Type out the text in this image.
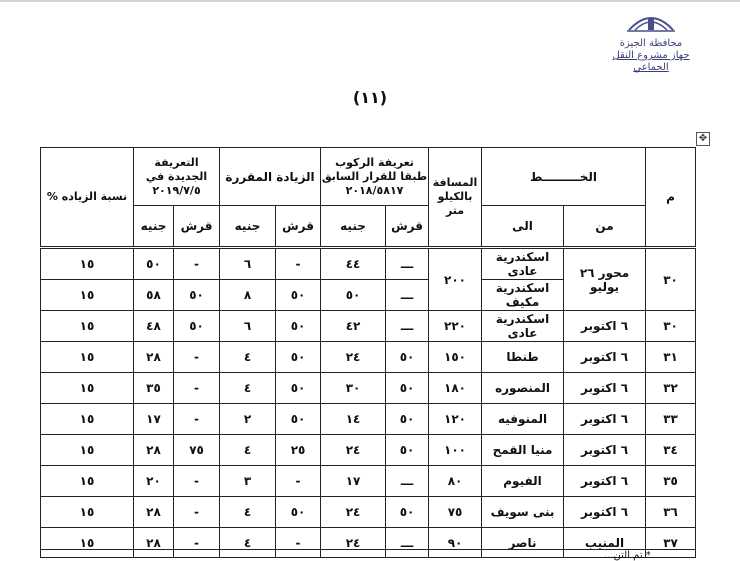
محافظة الجيزة
جهاز مشروع النقل الجماعي
(١١)
✥
م	الخـــــــــط		المسافة بالكيلو متر	تعريفة الركوب طبقا للقرار السابق ٢٠١٨/٥٨١٧		الزيادة المقررة		التعريفة الجديدة في ٢٠١٩/٧/٥		نسبة الزياده %
	من	الى		قرش	جنيه	قرش	جنيه	قرش	جنيه	
٣٠	محور ٢٦ يوليو	اسكندرية عادى	٢٠٠	ـــ	٤٤	-	٦	-	٥٠	١٥
		اسكندرية مكيف		ـــ	٥٠	٥٠	٨	٥٠	٥٨	١٥
٣٠	٦ اكتوبر	اسكندرية عادى	٢٢٠	ـــ	٤٢	٥٠	٦	٥٠	٤٨	١٥
٣١	٦ اكتوبر	طنطا	١٥٠	٥٠	٢٤	٥٠	٤	-	٢٨	١٥
٣٢	٦ اكتوبر	المنصوره	١٨٠	٥٠	٣٠	٥٠	٤	-	٣٥	١٥
٣٣	٦ اكتوبر	المنوفيه	١٢٠	٥٠	١٤	٥٠	٢	-	١٧	١٥
٣٤	٦ اكتوبر	منيا القمح	١٠٠	٥٠	٢٤	٢٥	٤	٧٥	٢٨	١٥
٣٥	٦ اكتوبر	الفيوم	٨٠	ـــ	١٧	-	٣	-	٢٠	١٥
٣٦	٦ اكتوبر	بنى سويف	٧٥	٥٠	٢٤	٥٠	٤	-	٢٨	١٥
٣٧	المنيب	ناصر	٩٠	ـــ	٢٤	-	٤	-	٢٨	١٥
* تم التن...
